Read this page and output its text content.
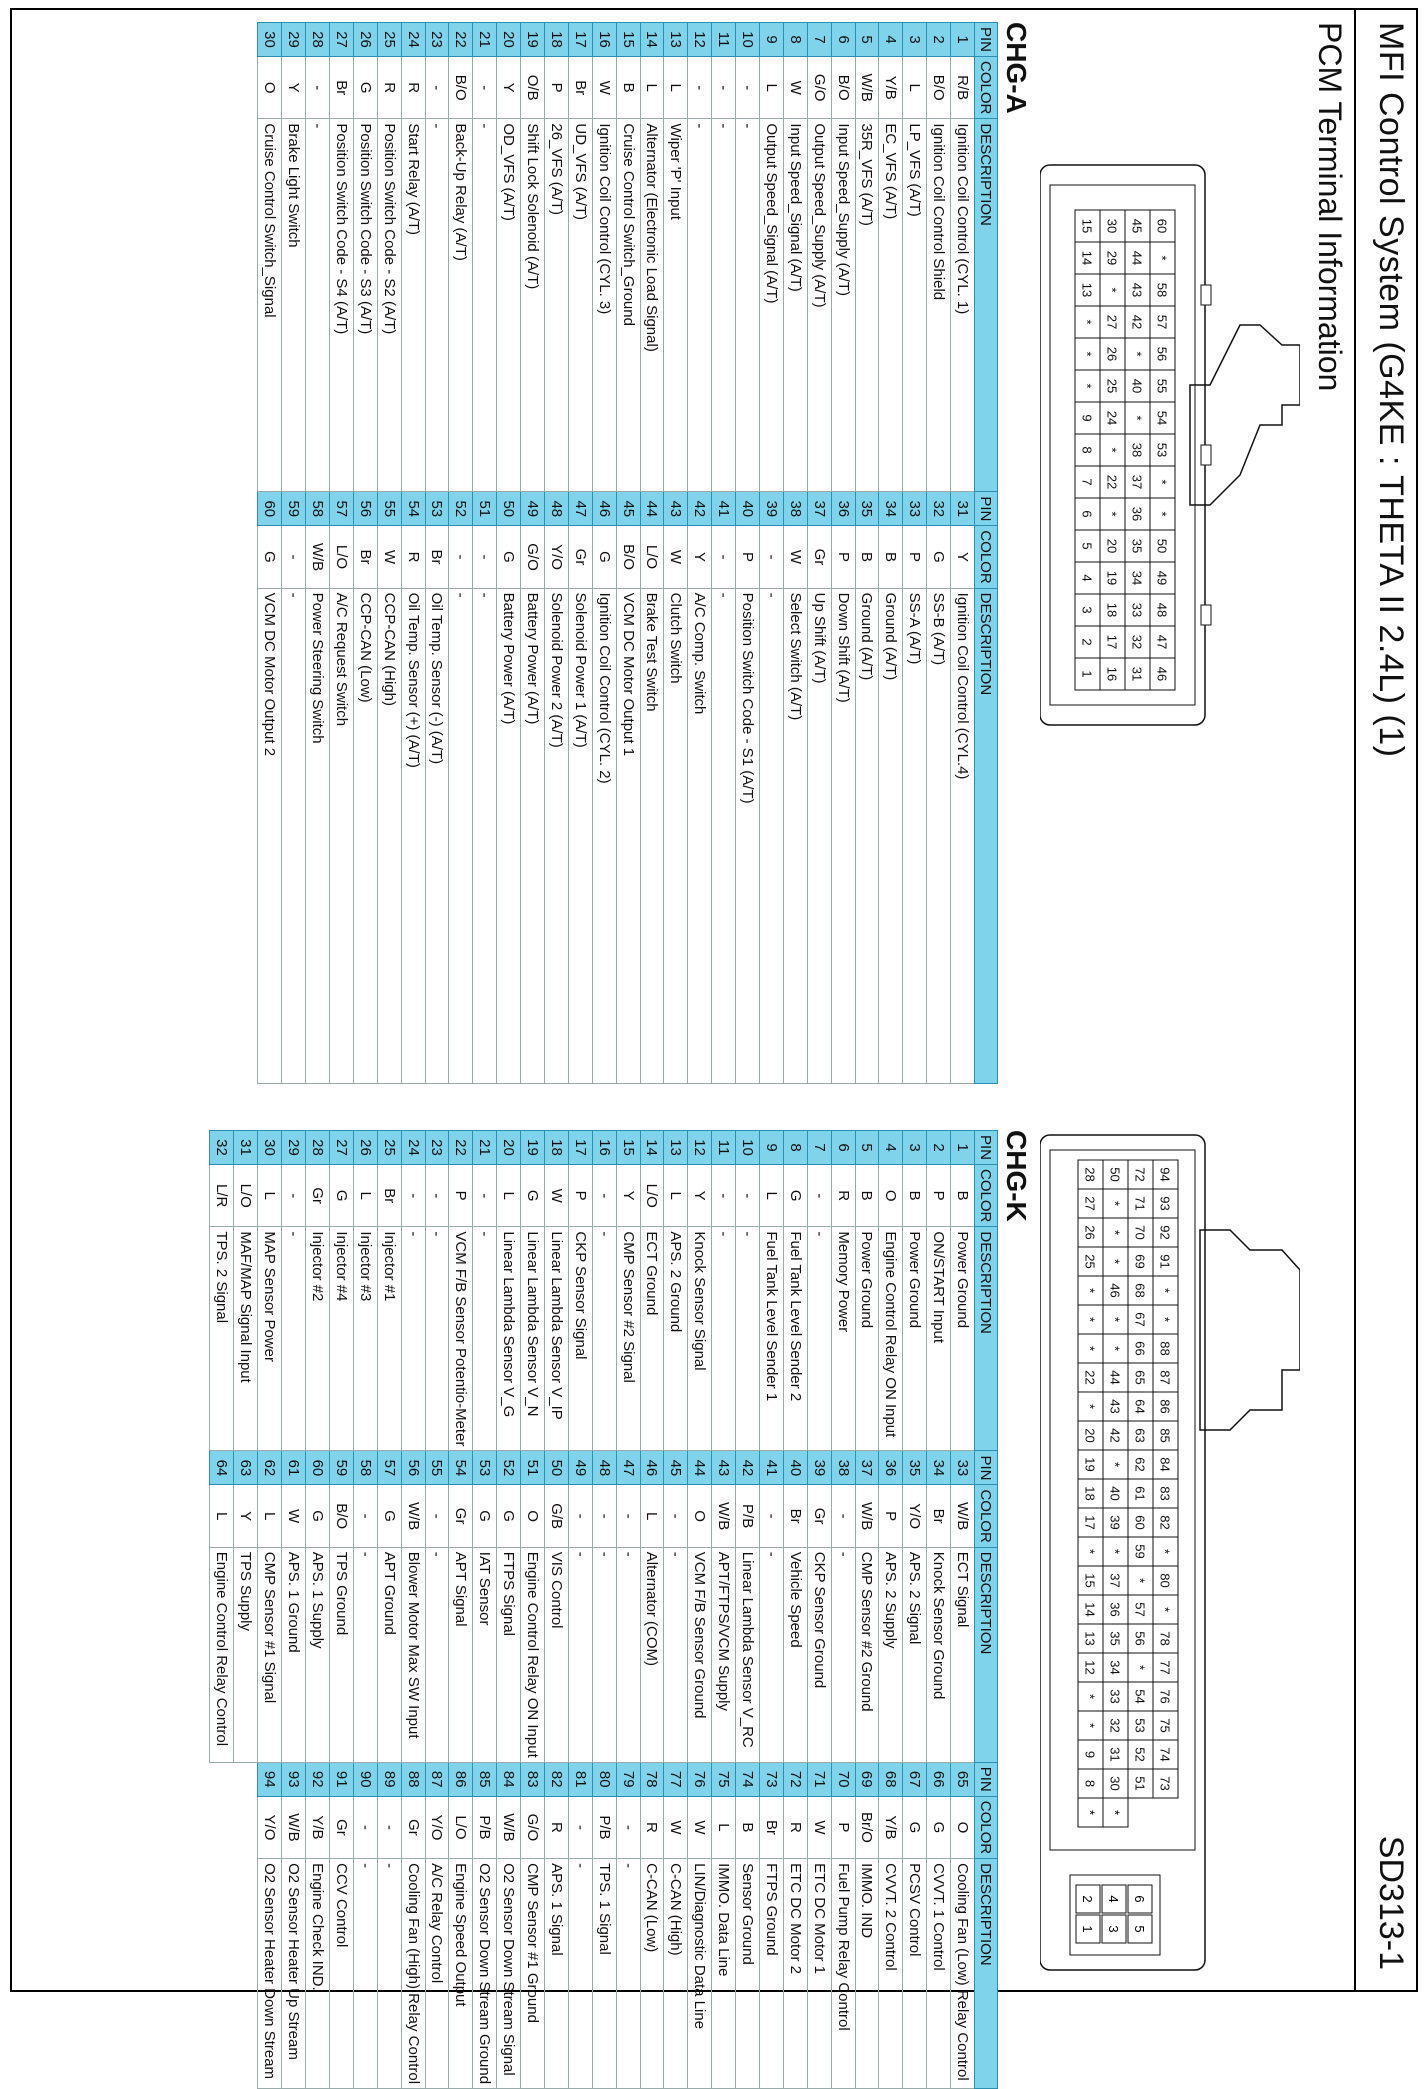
MFI Control System (G4KE : THETA II 2.4L) (1)
SD313-1
PCM Terminal Information
60
*
58
57
56
55
54
53
*
*
50
49
48
47
46
45
44
43
42
*
40
*
38
37
36
35
34
33
32
31
30
29
*
27
26
25
24
*
22
*
20
19
18
17
16
15
14
13
*
*
*
9
8
7
6
5
4
3
2
1
94
93
92
91
*
*
88
87
86
85
84
83
82
*
80
*
78
77
76
75
74
73
72
71
70
69
68
67
66
65
64
63
62
61
60
59
*
57
56
*
54
53
52
51
50
*
*
*
46
*
*
44
43
42
*
40
39
*
37
36
35
34
33
32
31
30
28
27
26
25
*
*
*
22
*
20
19
18
17
*
15
14
13
12
*
*
9
8
*
*
6
5
4
3
2
1
CHG-A
CHG-K
PIN	COLOR	DESCRIPTION	PIN	COLOR	DESCRIPTION
1	R/B	Ignition Coil Control (CYL. 1)	31	Y	Ignition Coil Control (CYL.4)
2	B/O	Ignition Coil Control Shield	32	G	SS-B (A/T)
3	L	LP_VFS (A/T)	33	P	SS-A (A/T)
4	Y/B	EC_VFS (A/T)	34	B	Ground (A/T)
5	W/B	35R_VFS (A/T)	35	B	Ground (A/T)
6	B/O	Input Speed_Supply (A/T)	36	P	Down Shift (A/T)
7	G/O	Output Speed_Supply (A/T)	37	Gr	Up Shift (A/T)
8	W	Input Speed_Signal (A/T)	38	W	Select Switch (A/T)
9	L	Output Speed_Signal (A/T)	39	-	-
10	-	-	40	P	Position Switch Code - S1 (A/T)
11	-	-	41	-	-
12	-	-	42	Y	A/C Comp. Switch
13	L	Wiper 'P' Input	43	W	Clutch Switch
14	L	Alternator (Electronic Load Signal)	44	L/O	Brake Test Switch
15	B	Cruise Control Switch_Ground	45	B/O	VCM DC Motor Output 1
16	W	Ignition Coil Control (CYL. 3)	46	G	Ignition Coil Control (CYL. 2)
17	Br	UD_VFS (A/T)	47	Gr	Solenoid Power 1 (A/T)
18	P	26_VFS (A/T)	48	Y/O	Solenoid Power 2 (A/T)
19	O/B	Shift Lock Solenoid (A/T)	49	G/O	Battery Power (A/T)
20	Y	OD_VFS (A/T)	50	G	Battery Power (A/T)
21	-	-	51	-	-
22	B/O	Back-Up Relay (A/T)	52	-	-
23	-	-	53	Br	Oil Temp. Sensor (-) (A/T)
24	R	Start Relay (A/T)	54	R	Oil Temp. Sensor (+) (A/T)
25	R	Position Switch Code - S2 (A/T)	55	W	CCP-CAN (High)
26	G	Position Switch Code - S3 (A/T)	56	Br	CCP-CAN (Low)
27	Br	Position Switch Code - S4 (A/T)	57	L/O	A/C Request Switch
28	-	-	58	W/B	Power Steering Switch
29	Y	Brake Light Switch	59	-	-
30	O	Cruise Control Switch_Signal	60	G	VCM DC Motor Output 2
PIN	COLOR	DESCRIPTION	PIN	COLOR	DESCRIPTION	PIN	COLOR	DESCRIPTION
1	B	Power Ground	33	W/B	ECT Signal	65	O	Cooling Fan (Low) Relay Control
2	P	ON/START Input	34	Br	Knock Sensor Ground	66	G	CVVT. 1 Control
3	B	Power Ground	35	Y/O	APS. 2 Signal	67	G	PCSV Control
4	O	Engine Control Relay ON Input	36	P	APS. 2 Supply	68	Y/B	CVVT. 2 Control
5	B	Power Ground	37	W/B	CMP Sensor #2 Ground	69	Br/O	IMMO. IND
6	R	Memory Power	38	-	-	70	P	Fuel Pump Relay Control
7	-	-	39	Gr	CKP Sensor Ground	71	W	ETC DC Motor 1
8	G	Fuel Tank Level Sender 2	40	Br	Vehicle Speed	72	R	ETC DC Motor 2
9	L	Fuel Tank Level Sender 1	41	-	-	73	Br	FTPS Ground
10	-	-	42	P/B	Linear Lambda Sensor V_RC	74	B	Sensor Ground
11	-	-	43	W/B	APT/FTPS/VCM Supply	75	L	IMMO. Data Line
12	Y	Knock Sensor Signal	44	O	VCM F/B Sensor Ground	76	W	LIN/Diagnostic Data Line
13	L	APS. 2 Ground	45	-	-	77	W	C-CAN (High)
14	L/O	ECT Ground	46	L	Alternator (COM)	78	R	C-CAN (Low)
15	Y	CMP Sensor #2 Signal	47	-	-	79	-	-
16	-	-	48	-	-	80	P/B	TPS. 1 Signal
17	P	CKP Sensor Signal	49	-	-	81	-	-
18	W	Linear Lambda Sensor V_IP	50	G/B	VIS Control	82	R	APS. 1 Signal
19	G	Linear Lambda Sensor V_N	51	O	Engine Control Relay ON Input	83	G/O	CMP Sensor #1 Ground
20	L	Linear Lambda Sensor V_G	52	G	FTPS Signal	84	W/B	O2 Sensor Down Stream Signal
21	-	-	53	G	IAT Sensor	85	P/B	O2 Sensor Down Stream Ground
22	P	VCM F/B Sensor Potentio-Meter	54	Gr	APT Signal	86	L/O	Engine Speed Output
23	-	-	55	-	-	87	Y/O	A/C Relay Control
24	-	-	56	W/B	Blower Motor Max SW Input	88	Gr	Cooling Fan (High) Relay Control
25	Br	Injector #1	57	G	APT Ground	89	-	-
26	L	Injector #3	58	-	-	90	-	-
27	G	Injector #4	59	B/O	TPS Ground	91	Gr	CCV Control
28	Gr	Injector #2	60	G	APS. 1 Supply	92	Y/B	Engine Check IND.
29	-	-	61	W	APS. 1 Ground	93	W/B	O2 Sensor Heater Up Stream
30	L	MAP Sensor Power	62	L	CMP Sensor #1 Signal	94	Y/O	O2 Sensor Heater Down Stream
31	L/O	MAF/MAP Signal Input	63	Y	TPS Supply			
32	L/R	TPS. 2 Signal	64	L	Engine Control Relay Control			
